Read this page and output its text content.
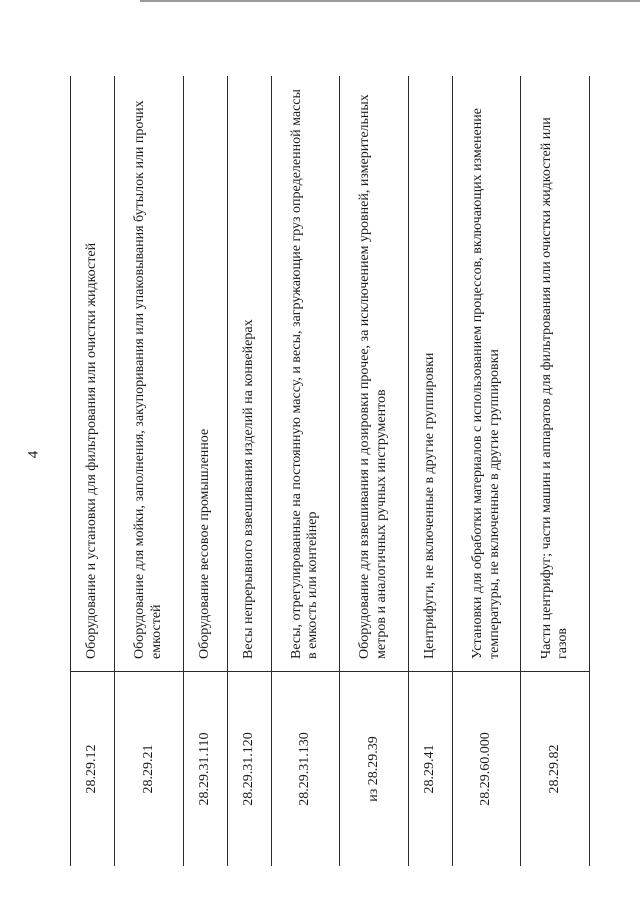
4
28.29.12	Оборудование и установки для фильтрования или очистки жидкостей
28.29.21	Оборудование для мойки, заполнения, закупоривания или упаковывания бутылок или прочих емкостей
28.29.31.110	Оборудование весовое промышленное
28.29.31.120	Весы непрерывного взвешивания изделий на конвейерах
28.29.31.130	Весы, отрегулированные на постоянную массу, и весы, загружающие груз определенной массы в емкость или контейнер
из 28.29.39	Оборудование для взвешивания и дозировки прочее, за исключением уровней, измерительных метров и аналогичных ручных инструментов
28.29.41	Центрифуги, не включенные в другие группировки
28.29.60.000	Установки для обработки материалов с использованием процессов, включающих изменение температуры, не включенные в другие группировки
28.29.82	Части центрифуг; части машин и аппаратов для фильтрования или очистки жидкостей или газов
